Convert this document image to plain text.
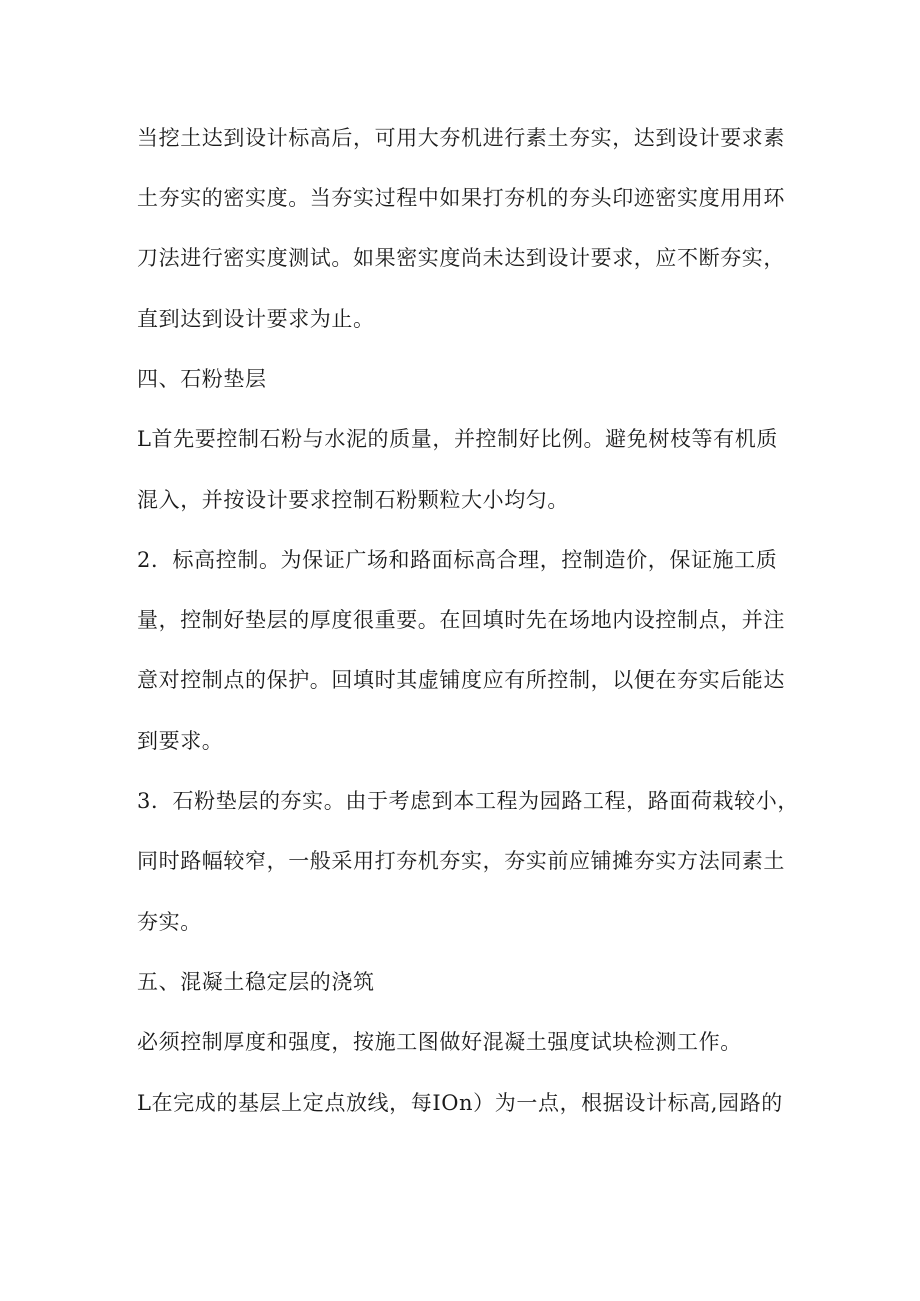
当挖土达到设计标高后，可用大夯机进行素土夯实，达到设计要求素
土夯实的密实度。当夯实过程中如果打夯机的夯头印迹密实度用用环
刀法进行密实度测试。如果密实度尚未达到设计要求，应不断夯实，
直到达到设计要求为止。
四、石粉垫层
L首先要控制石粉与水泥的质量，并控制好比例。避免树枝等有机质
混入，并按设计要求控制石粉颗粒大小均匀。
2．标高控制。为保证广场和路面标高合理，控制造价，保证施工质
量，控制好垫层的厚度很重要。在回填时先在场地内设控制点，并注
意对控制点的保护。回填时其虚铺度应有所控制，以便在夯实后能达
到要求。
3．石粉垫层的夯实。由于考虑到本工程为园路工程，路面荷栽较小，
同时路幅较窄，一般采用打夯机夯实，夯实前应铺摊夯实方法同素土
夯实。
五、混凝土稳定层的浇筑
必须控制厚度和强度，按施工图做好混凝土强度试块检测工作。
L在完成的基层上定点放线，每IOn）为一点，根据设计标高,园路的
